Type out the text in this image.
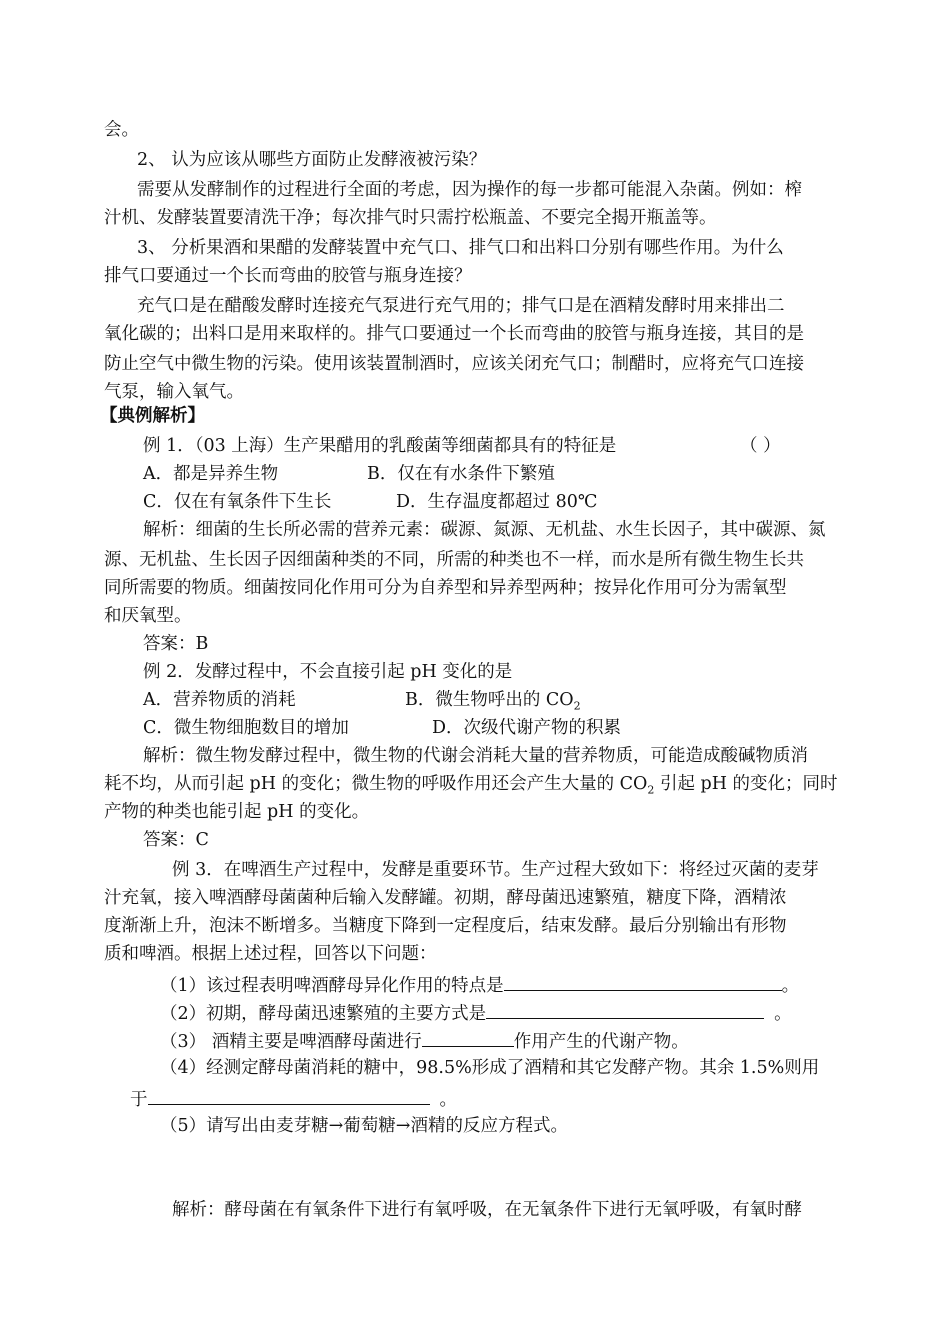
会。
2、 认为应该从哪些方面防止发酵液被污染？
需要从发酵制作的过程进行全面的考虑，因为操作的每一步都可能混入杂菌。例如：榨
汁机、发酵装置要清洗干净；每次排气时只需拧松瓶盖、不要完全揭开瓶盖等。
3、 分析果酒和果醋的发酵装置中充气口、排气口和出料口分别有哪些作用。为什么
排气口要通过一个长而弯曲的胶管与瓶身连接？
充气口是在醋酸发酵时连接充气泵进行充气用的；排气口是在酒精发酵时用来排出二
氧化碳的；出料口是用来取样的。排气口要通过一个长而弯曲的胶管与瓶身连接，其目的是
防止空气中微生物的污染。使用该装置制酒时，应该关闭充气口；制醋时，应将充气口连接
气泵，输入氧气。
【典例解析】
例 1．（03 上海）生产果醋用的乳酸菌等细菌都具有的特征是	（ ）
A．都是异养生物	B．仅在有水条件下繁殖
C．仅在有氧条件下生长	D．生存温度都超过 80℃
解析：细菌的生长所必需的营养元素：碳源、氮源、无机盐、水生长因子，其中碳源、氮
源、无机盐、生长因子因细菌种类的不同，所需的种类也不一样，而水是所有微生物生长共
同所需要的物质。细菌按同化作用可分为自养型和异养型两种；按异化作用可分为需氧型
和厌氧型。
答案：B
例 2．发酵过程中，不会直接引起 pH 变化的是
A．营养物质的消耗	B．微生物呼出的 $CO_2$
C．微生物细胞数目的增加	D．次级代谢产物的积累
解析：微生物发酵过程中，微生物的代谢会消耗大量的营养物质，可能造成酸碱物质消
耗不均，从而引起 pH 的变化；微生物的呼吸作用还会产生大量的 $CO_2$ 引起 pH 的变化；同时
产物的种类也能引起 pH 的变化。
答案：C
例 3．在啤酒生产过程中，发酵是重要环节。生产过程大致如下：将经过灭菌的麦芽
汁充氧，接入啤酒酵母菌菌种后输入发酵罐。初期，酵母菌迅速繁殖，糖度下降，酒精浓
度渐渐上升，泡沫不断增多。当糖度下降到一定程度后，结束发酵。最后分别输出有形物
质和啤酒。根据上述过程，回答以下问题：
（1）该过程表明啤酒酵母异化作用的特点是	。
（2）初期，酵母菌迅速繁殖的主要方式是	。
（3） 酒精主要是啤酒酵母菌进行	作用产生的代谢产物。
（4）经测定酵母菌消耗的糖中，98.5%形成了酒精和其它发酵产物。其余 1.5%则用
于	。
（5）请写出由麦芽糖→葡萄糖→酒精的反应方程式。
解析：酵母菌在有氧条件下进行有氧呼吸，在无氧条件下进行无氧呼吸，有氧时酵
